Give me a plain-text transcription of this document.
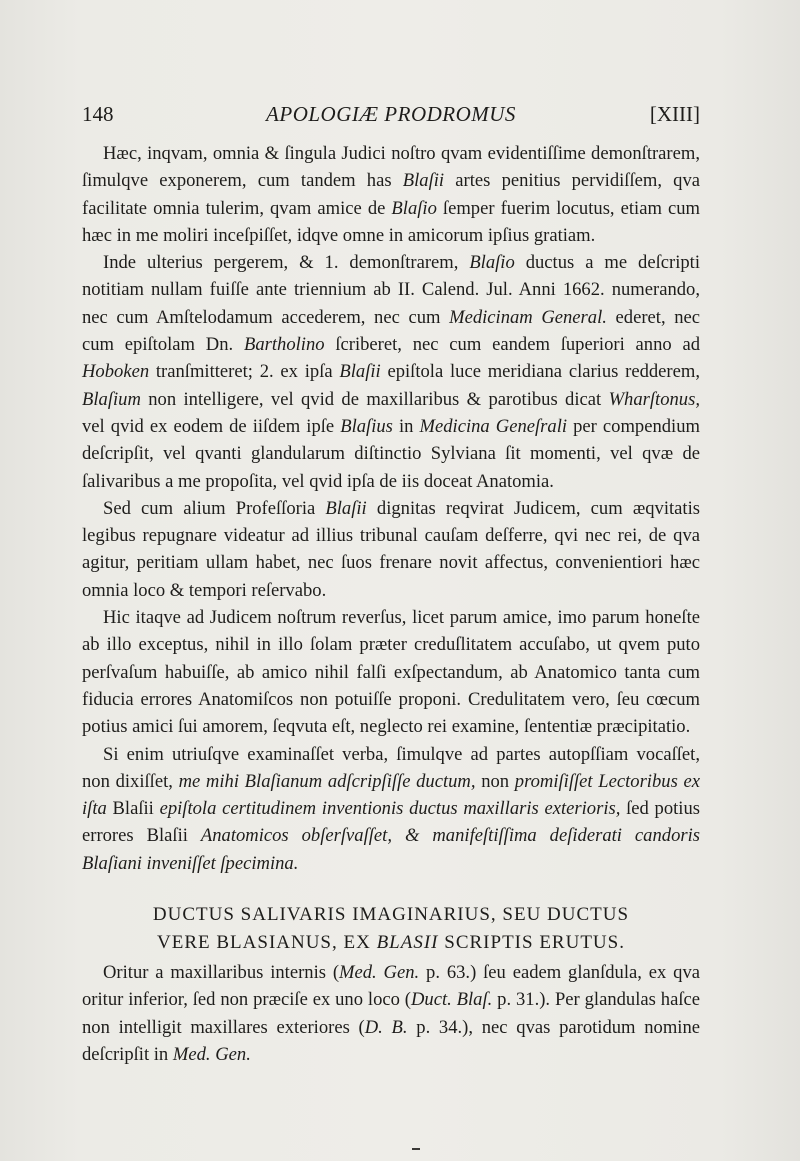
148	APOLOGIÆ PRODROMUS	[XIII]

Hæc, inqvam, omnia & ſingula Judici noſtro qvam evidentiſſime demonſtrarem, ſimulqve exponerem, cum tandem has Blaſii artes penitius pervidiſſem, qva facilitate omnia tulerim, qvam amice de Blaſio ſemper fuerim locutus, etiam cum hæc in me moliri inceſpiſſet, idqve omne in amicorum ipſius gratiam.

Inde ulterius pergerem, & 1. demonſtrarem, Blaſio ductus a me deſcripti notitiam nullam fuiſſe ante triennium ab II. Calend. Jul. Anni 1662. numerando, nec cum Amſtelodamum accederem, nec cum Medicinam General. ederet, nec cum epiſtolam Dn. Bartholino ſcriberet, nec cum eandem ſuperiori anno ad Hoboken tranſmitteret; 2. ex ipſa Blaſii epiſtola luce meridiana clarius redderem, Blaſium non intelligere, vel qvid de maxillaribus & parotibus dicat Wharſtonus, vel qvid ex eodem de iiſdem ipſe Blaſius in Medicina Geneſrali per compendium deſcripſit, vel qvanti glandularum diſtinctio Sylviana ſit momenti, vel qvæ de ſalivaribus a me propoſita, vel qvid ipſa de iis doceat Anatomia.

Sed cum alium Profeſſoria Blaſii dignitas reqvirat Judicem, cum æqvitatis legibus repugnare videatur ad illius tribunal cauſam deſferre, qvi nec rei, de qva agitur, peritiam ullam habet, nec ſuos frenare novit affectus, convenientiori hæc omnia loco & tempori reſervabo.

Hic itaqve ad Judicem noſtrum reverſus, licet parum amice, imo parum honeſte ab illo exceptus, nihil in illo ſolam præter creduſlitatem accuſabo, ut qvem puto perſvaſum habuiſſe, ab amico nihil falſi exſpectandum, ab Anatomico tanta cum fiducia errores Anatomiſcos non potuiſſe proponi. Credulitatem vero, ſeu cœcum potius amici ſui amorem, ſeqvuta eſt, neglecto rei examine, ſententiæ præcipitatio.

Si enim utriuſqve examinaſſet verba, ſimulqve ad partes autopſſiam vocaſſet, non dixiſſet, me mihi Blaſianum adſcripſiſſe ductum, non promiſiſſet Lectoribus ex iſta Blaſii epiſtola certitudinem inventionis ductus maxillaris exterioris, ſed potius errores Blaſii Anatomicos obſerſvaſſet, & manifeſtiſſima deſiderati candoris Blaſiani inveniſſet ſpecimina.

DUCTUS SALIVARIS IMAGINARIUS, SEU DUCTUS
VERE BLASIANUS, EX BLASII SCRIPTIS ERUTUS.

Oritur a maxillaribus internis (Med. Gen. p. 63.) ſeu eadem glanſdula, ex qva oritur inferior, ſed non præciſe ex uno loco (Duct. Blaſ. p. 31.). Per glandulas haſce non intelligit maxillares exteriores (D. B. p. 34.), nec qvas parotidum nomine deſcripſit in Med. Gen.
